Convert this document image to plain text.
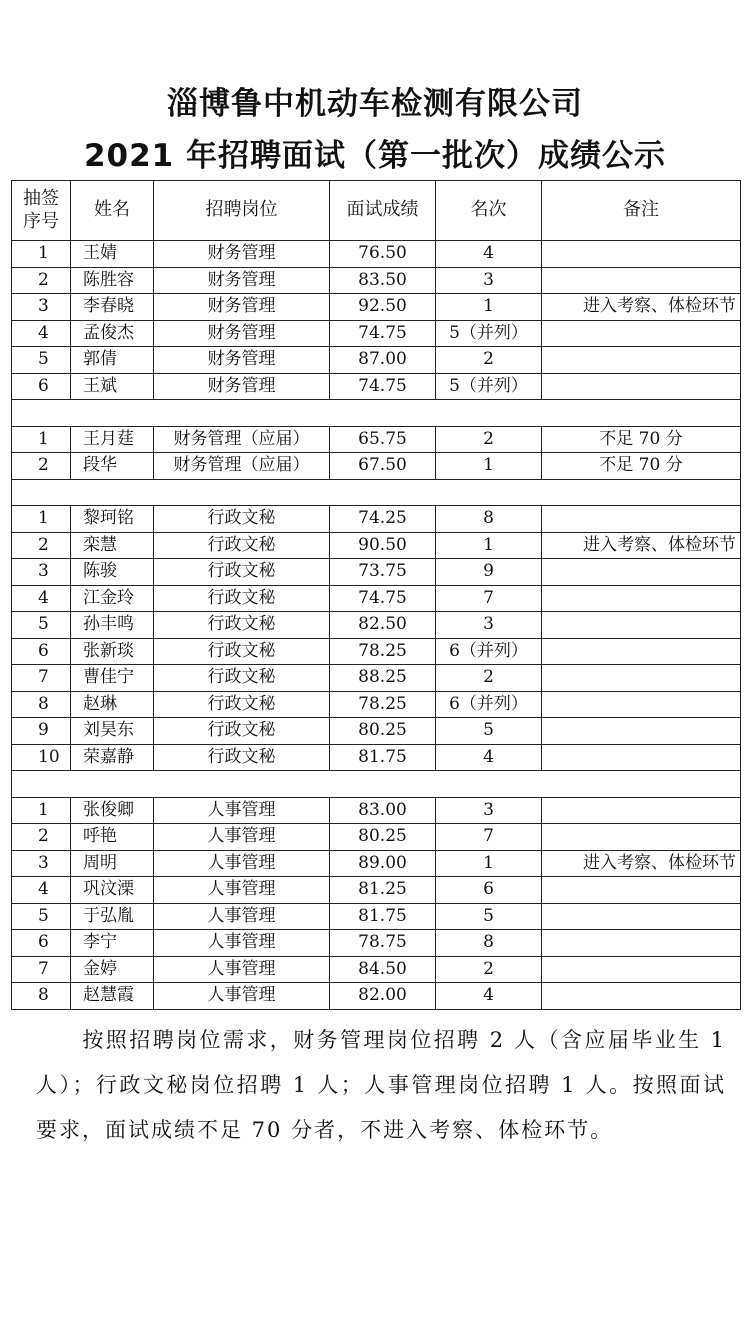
淄博鲁中机动车检测有限公司
2021 年招聘面试（第一批次）成绩公示
抽签序号	姓名	招聘岗位	面试成绩	名次	备注
1	王婧	财务管理	76.50	4	
2	陈胜容	财务管理	83.50	3	
3	李春晓	财务管理	92.50	1	进入考察、体检环节
4	孟俊杰	财务管理	74.75	5（并列）	
5	郭倩	财务管理	87.00	2	
6	王斌	财务管理	74.75	5（并列）	

1	王月莛	财务管理（应届）	65.75	2	不足 70 分
2	段华	财务管理（应届）	67.50	1	不足 70 分

1	黎珂铭	行政文秘	74.25	8	
2	栾慧	行政文秘	90.50	1	进入考察、体检环节
3	陈骏	行政文秘	73.75	9	
4	江金玲	行政文秘	74.75	7	
5	孙丰鸣	行政文秘	82.50	3	
6	张新琰	行政文秘	78.25	6（并列）	
7	曹佳宁	行政文秘	88.25	2	
8	赵琳	行政文秘	78.25	6（并列）	
9	刘昊东	行政文秘	80.25	5	
10	荣嘉静	行政文秘	81.75	4	

1	张俊卿	人事管理	83.00	3	
2	呼艳	人事管理	80.25	7	
3	周明	人事管理	89.00	1	进入考察、体检环节
4	巩汶溧	人事管理	81.25	6	
5	于弘胤	人事管理	81.75	5	
6	李宁	人事管理	78.75	8	
7	金婷	人事管理	84.50	2	
8	赵慧霞	人事管理	82.00	4	
按照招聘岗位需求，财务管理岗位招聘 2 人（含应届毕业生 1 人）；行政文秘岗位招聘 1 人；人事管理岗位招聘 1 人。按照面试要求，面试成绩不足 70 分者，不进入考察、体检环节。
